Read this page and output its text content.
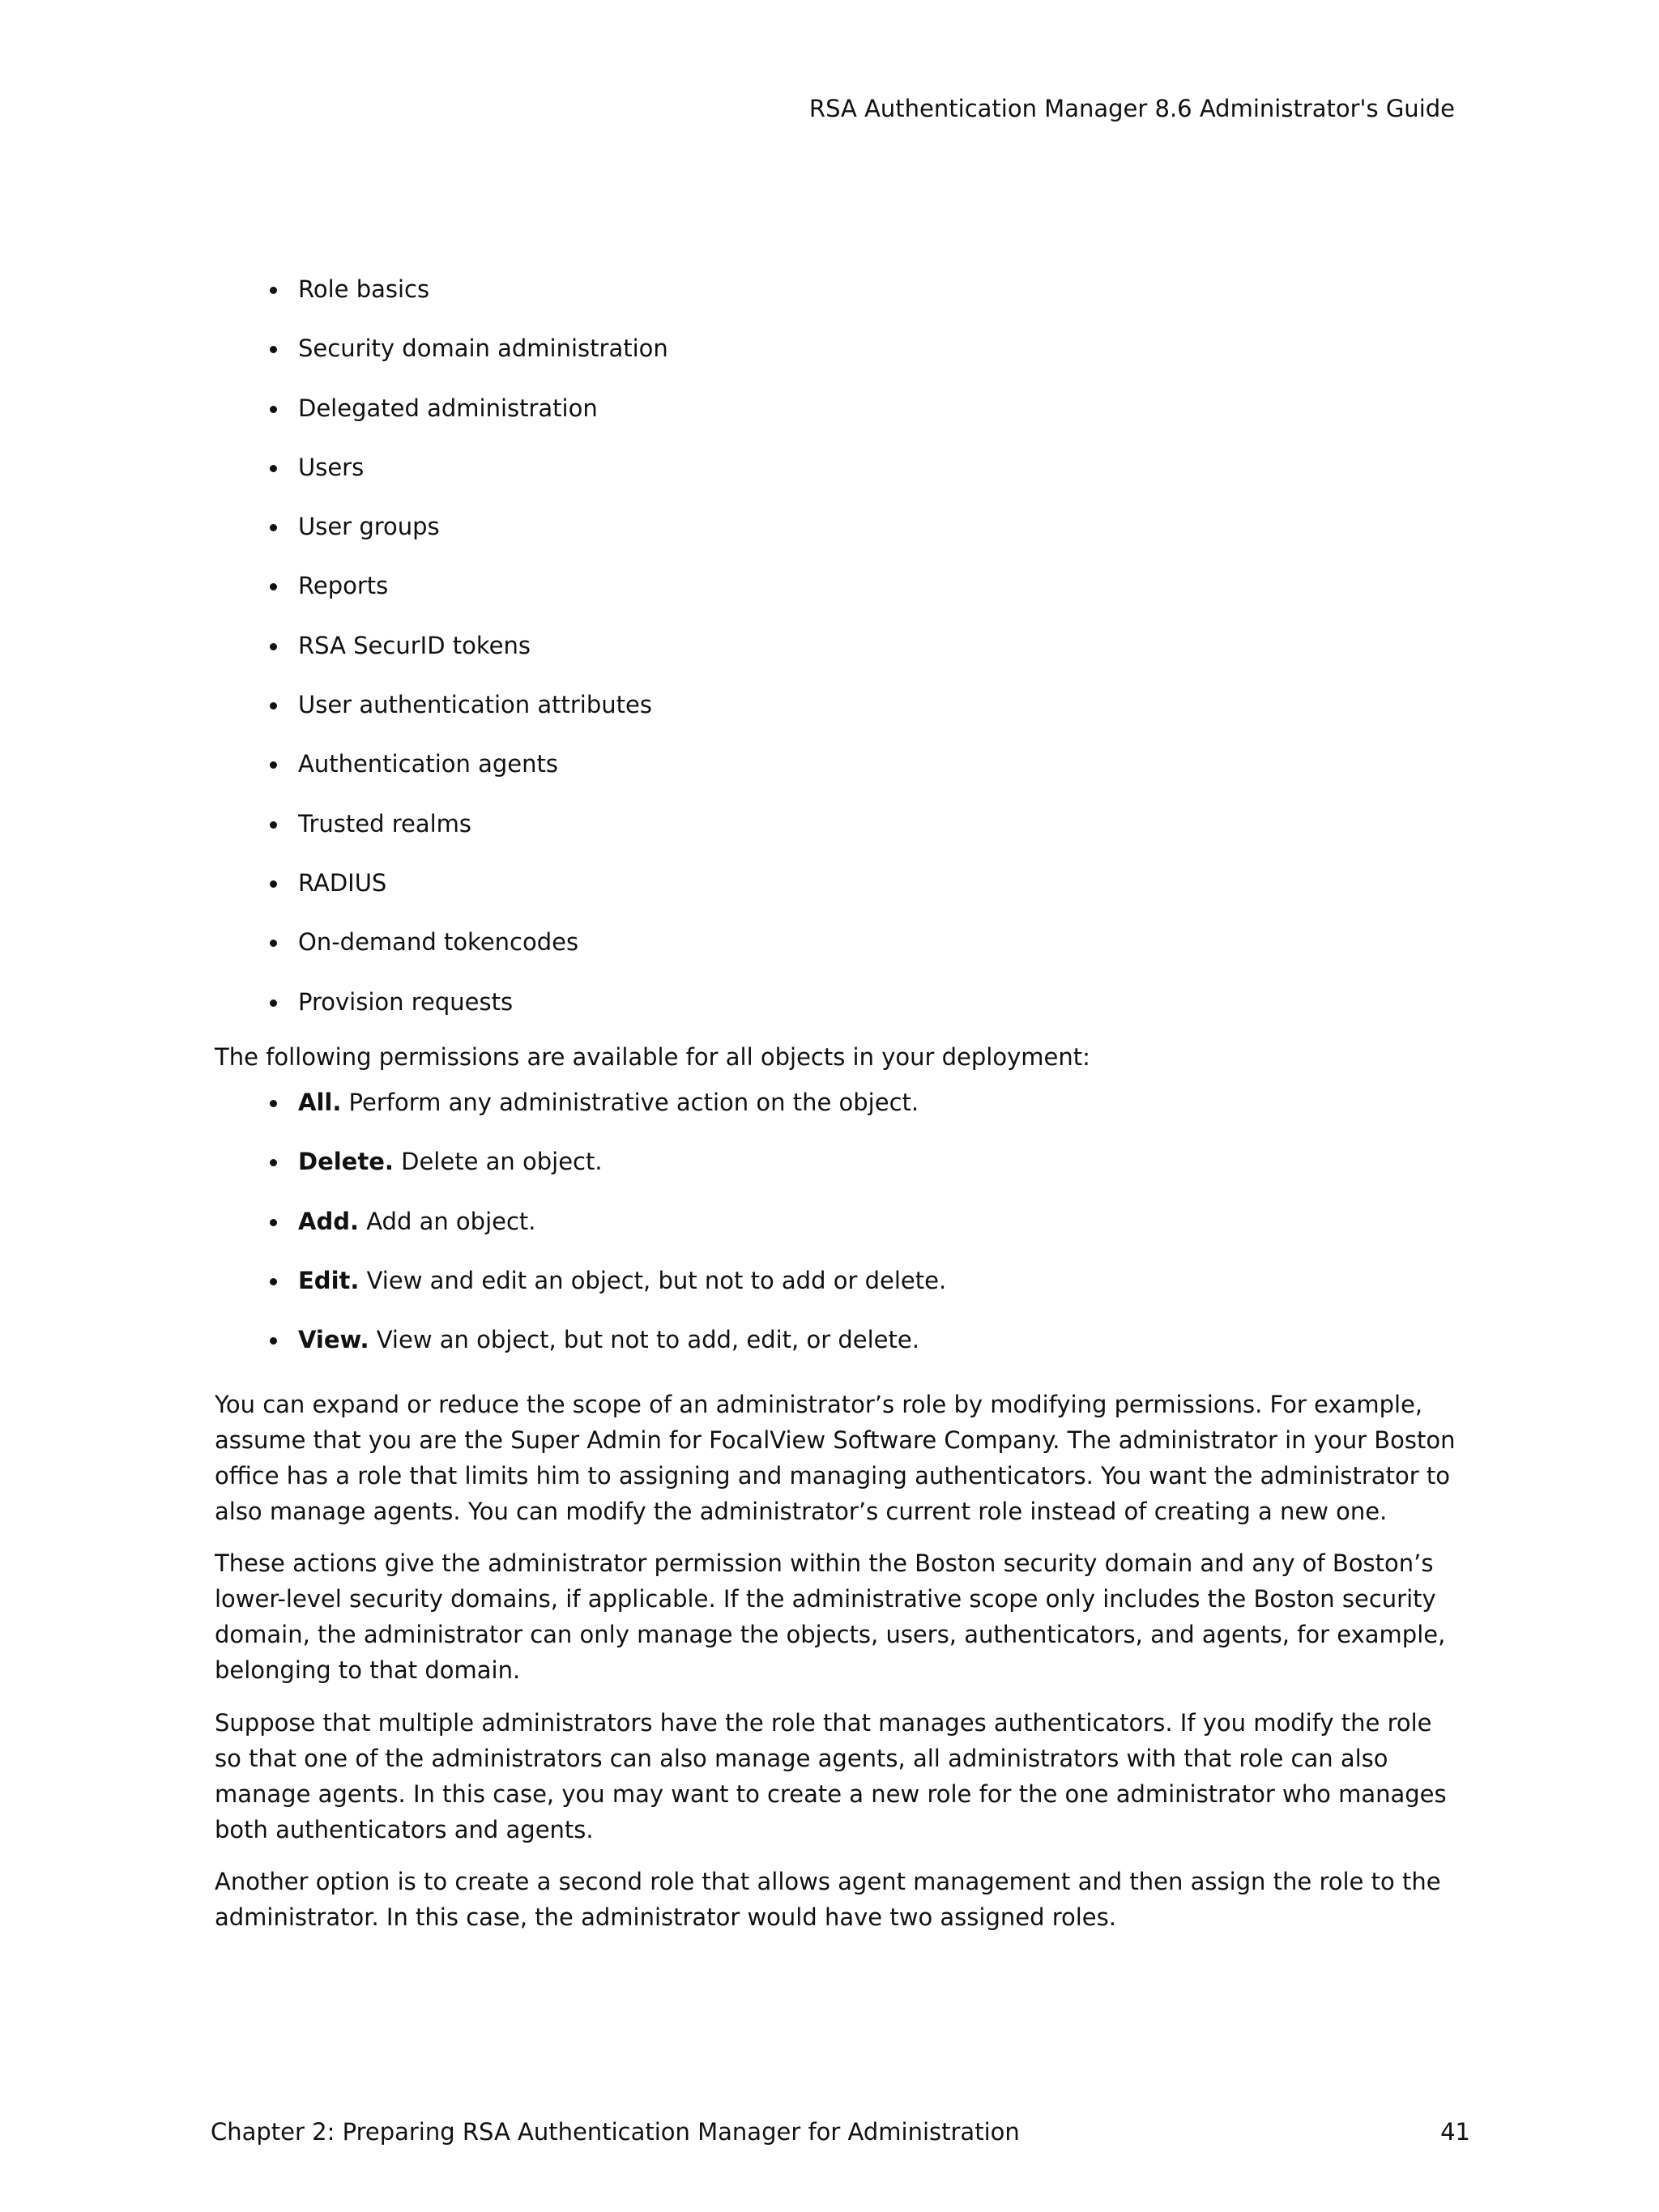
RSA Authentication Manager 8.6 Administrator's Guide
Role basics
Security domain administration
Delegated administration
Users
User groups
Reports
RSA SecurID tokens
User authentication attributes
Authentication agents
Trusted realms
RADIUS
On-demand tokencodes
Provision requests

The following permissions are available for all objects in your deployment:

All. Perform any administrative action on the object.
Delete. Delete an object.
Add. Add an object.
Edit. View and edit an object, but not to add or delete.
View. View an object, but not to add, edit, or delete.

You can expand or reduce the scope of an administrator’s role by modifying permissions. For example, assume that you are the Super Admin for FocalView Software Company. The administrator in your Boston office has a role that limits him to assigning and managing authenticators. You want the administrator to also manage agents. You can modify the administrator’s current role instead of creating a new one.

These actions give the administrator permission within the Boston security domain and any of Boston’s lower-level security domains, if applicable. If the administrative scope only includes the Boston security domain, the administrator can only manage the objects, users, authenticators, and agents, for example, belonging to that domain.

Suppose that multiple administrators have the role that manages authenticators. If you modify the role so that one of the administrators can also manage agents, all administrators with that role can also manage agents. In this case, you may want to create a new role for the one administrator who manages both authenticators and agents.

Another option is to create a second role that allows agent management and then assign the role to the administrator. In this case, the administrator would have two assigned roles.

Chapter 2: Preparing RSA Authentication Manager for Administration	41
